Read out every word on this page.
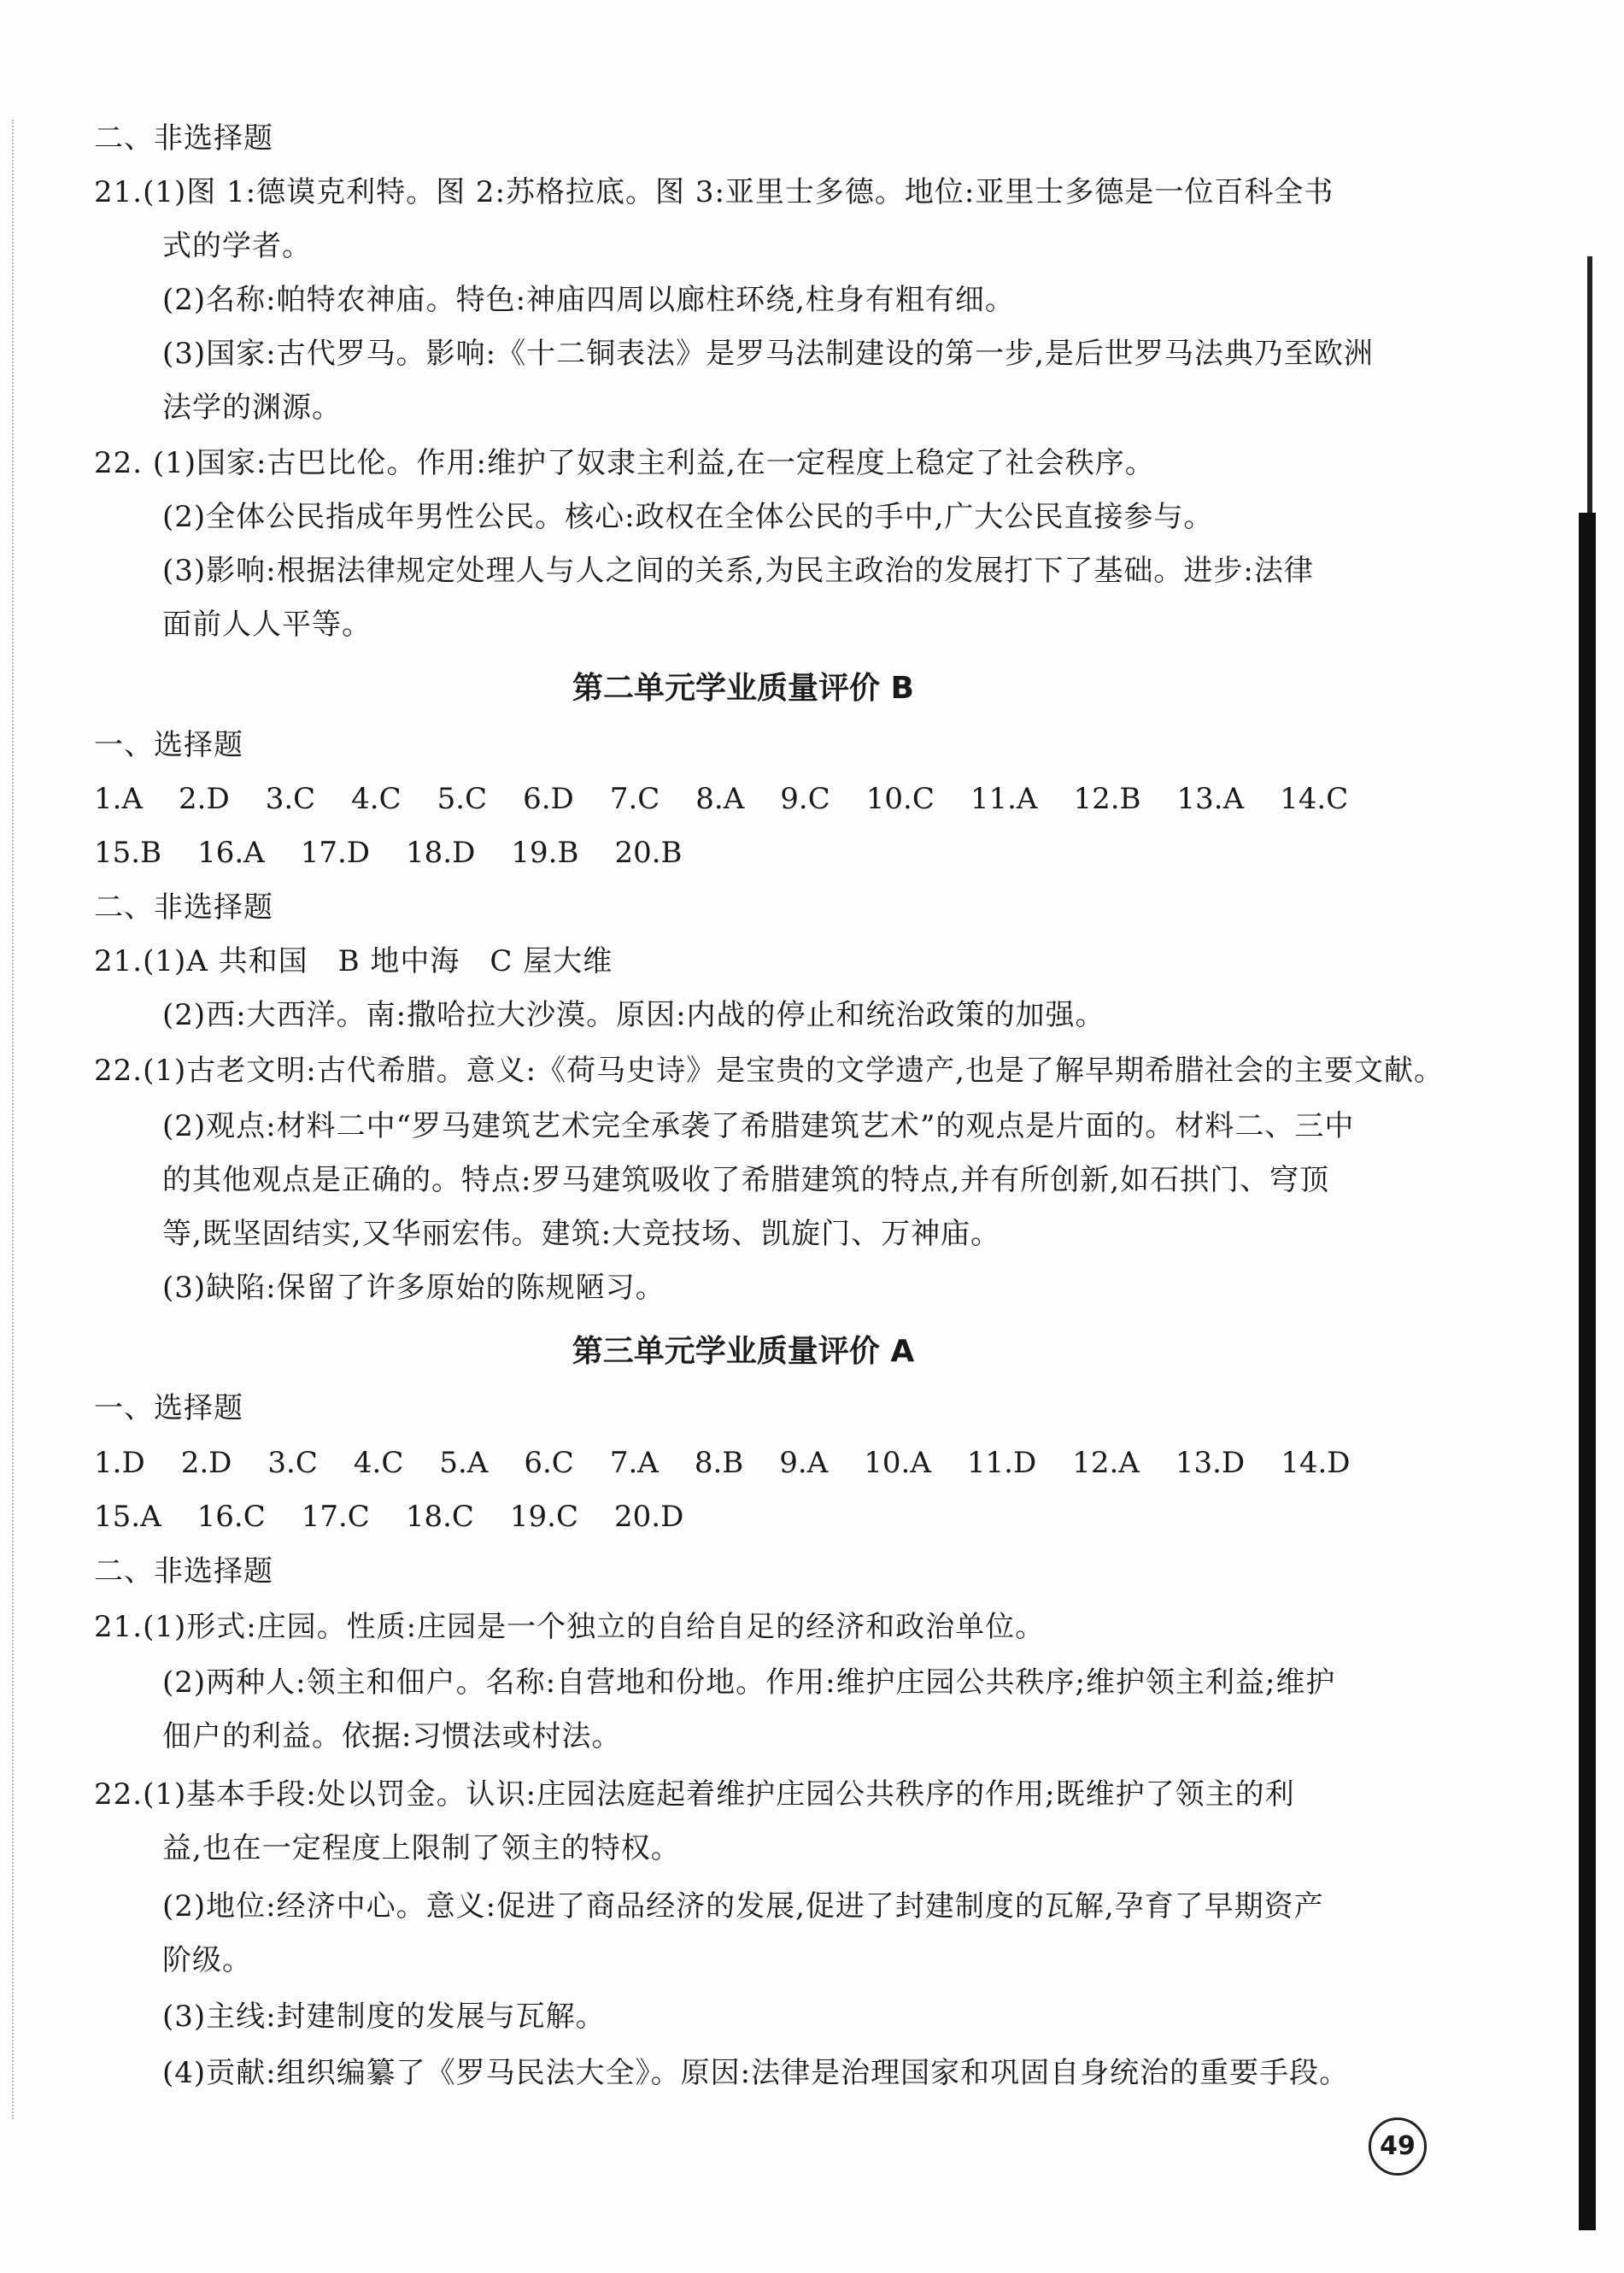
二、非选择题
21.(1)图 1:德谟克利特。图 2:苏格拉底。图 3:亚里士多德。地位:亚里士多德是一位百科全书
式的学者。
(2)名称:帕特农神庙。特色:神庙四周以廊柱环绕,柱身有粗有细。
(3)国家:古代罗马。影响:《十二铜表法》是罗马法制建设的第一步,是后世罗马法典乃至欧洲
法学的渊源。
22. (1)国家:古巴比伦。作用:维护了奴隶主利益,在一定程度上稳定了社会秩序。
(2)全体公民指成年男性公民。核心:政权在全体公民的手中,广大公民直接参与。
(3)影响:根据法律规定处理人与人之间的关系,为民主政治的发展打下了基础。进步:法律
面前人人平等。
第二单元学业质量评价 B
一、选择题
1.A 2.D 3.C 4.C 5.C 6.D 7.C 8.A 9.C 10.C 11.A 12.B 13.A 14.C
15.B 16.A 17.D 18.D 19.B 20.B
二、非选择题
21.(1)A 共和国　B 地中海　C 屋大维
(2)西:大西洋。南:撒哈拉大沙漠。原因:内战的停止和统治政策的加强。
22.(1)古老文明:古代希腊。意义:《荷马史诗》是宝贵的文学遗产,也是了解早期希腊社会的主要文献。
(2)观点:材料二中“罗马建筑艺术完全承袭了希腊建筑艺术”的观点是片面的。材料二、三中
的其他观点是正确的。特点:罗马建筑吸收了希腊建筑的特点,并有所创新,如石拱门、穹顶
等,既坚固结实,又华丽宏伟。建筑:大竞技场、凯旋门、万神庙。
(3)缺陷:保留了许多原始的陈规陋习。
第三单元学业质量评价 A
一、选择题
1.D 2.D 3.C 4.C 5.A 6.C 7.A 8.B 9.A 10.A 11.D 12.A 13.D 14.D
15.A 16.C 17.C 18.C 19.C 20.D
二、非选择题
21.(1)形式:庄园。性质:庄园是一个独立的自给自足的经济和政治单位。
(2)两种人:领主和佃户。名称:自营地和份地。作用:维护庄园公共秩序;维护领主利益;维护
佃户的利益。依据:习惯法或村法。
22.(1)基本手段:处以罚金。认识:庄园法庭起着维护庄园公共秩序的作用;既维护了领主的利
益,也在一定程度上限制了领主的特权。
(2)地位:经济中心。意义:促进了商品经济的发展,促进了封建制度的瓦解,孕育了早期资产
阶级。
(3)主线:封建制度的发展与瓦解。
(4)贡献:组织编纂了《罗马民法大全》。原因:法律是治理国家和巩固自身统治的重要手段。
49
